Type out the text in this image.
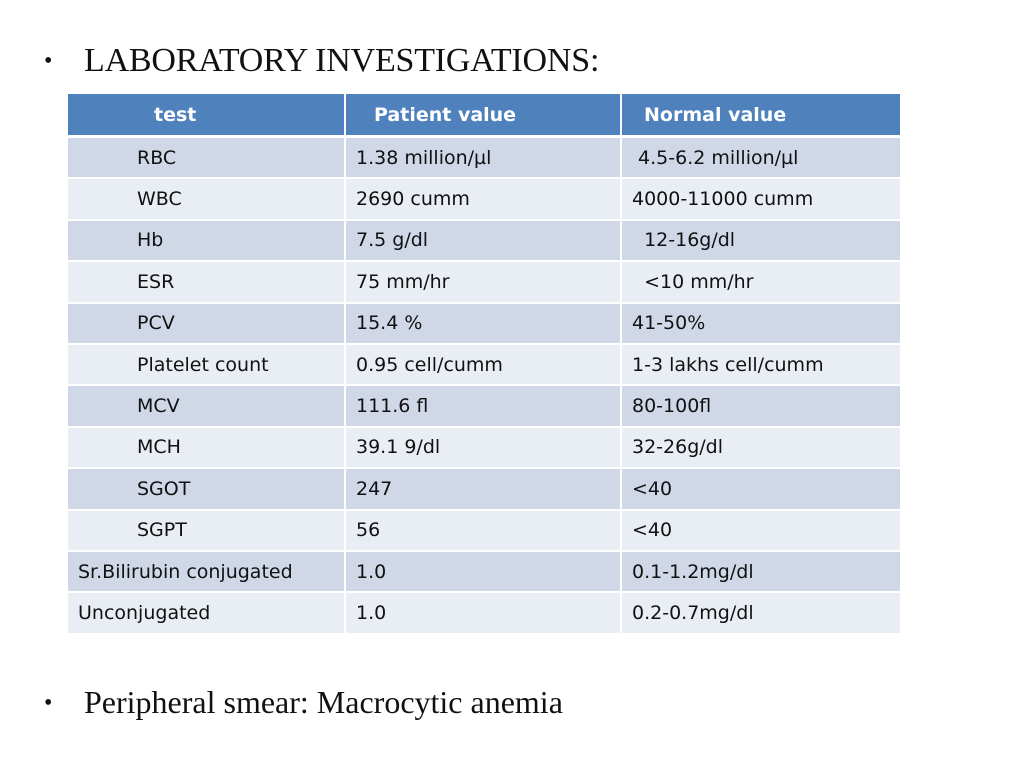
• LABORATORY INVESTIGATIONS:
test	Patient value	Normal value
RBC	1.38 million/µl	4.5-6.2 million/µl
WBC	2690 cumm	4000-11000 cumm
Hb	7.5 g/dl	12-16g/dl
ESR	75 mm/hr	<10 mm/hr
PCV	15.4 %	41-50%
Platelet count	0.95 cell/cumm	1-3 lakhs cell/cumm
MCV	111.6 fl	80-100fl
MCH	39.1 9/dl	32-26g/dl
SGOT	247	<40
SGPT	56	<40
Sr.Bilirubin conjugated	1.0	0.1-1.2mg/dl
Unconjugated	1.0	0.2-0.7mg/dl
• Peripheral smear: Macrocytic anemia
